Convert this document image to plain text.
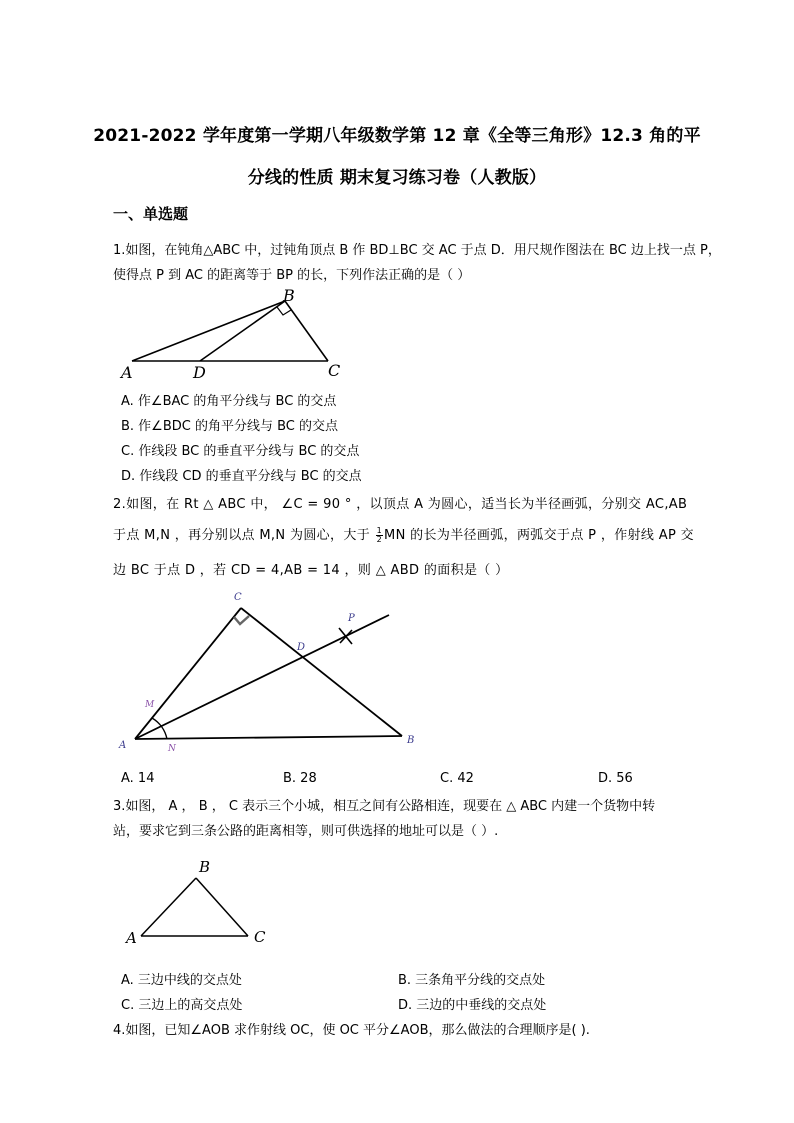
2021-2022 学年度第一学期八年级数学第 12 章《全等三角形》12.3 角的平
分线的性质 期末复习练习卷（人教版）
一、单选题
1.如图，在钝角△ABC 中，过钝角顶点 B 作 BD⊥BC 交 AC 于点 D．用尺规作图法在 BC 边上找一点 P，
使得点 P 到 AC 的距离等于 BP 的长，下列作法正确的是（ ）
A
B
C
D
A. 作∠BAC 的角平分线与 BC 的交点
B. 作∠BDC 的角平分线与 BC 的交点
C. 作线段 BC 的垂直平分线与 BC 的交点
D. 作线段 CD 的垂直平分线与 BC 的交点
2.如图，在 Rt △ ABC 中， ∠C = 90 ° ，以顶点 A 为圆心，适当长为半径画弧，分别交 AC,AB
于点 M,N ，再分别以点 M,N 为圆心，大于 $\frac{1}{2}$ MN 的长为半径画弧，两弧交于点 P ，作射线 AP 交
边 BC 于点 D ，若 CD = 4,AB = 14 ，则 △ ABD 的面积是（ ）
A	B
C
D
M
N
P
A. 14	B. 28	C. 42	D. 56
3.如图， A ， B ， C 表示三个小城，相互之间有公路相连，现要在 △ ABC 内建一个货物中转
站，要求它到三条公路的距离相等，则可供选择的地址可以是（ ）.
A
B
C
A. 三边中线的交点处	B. 三条角平分线的交点处
C. 三边上的高交点处	D. 三边的中垂线的交点处
4.如图，已知∠AOB 求作射线 OC，使 OC 平分∠AOB，那么做法的合理顺序是( ).
